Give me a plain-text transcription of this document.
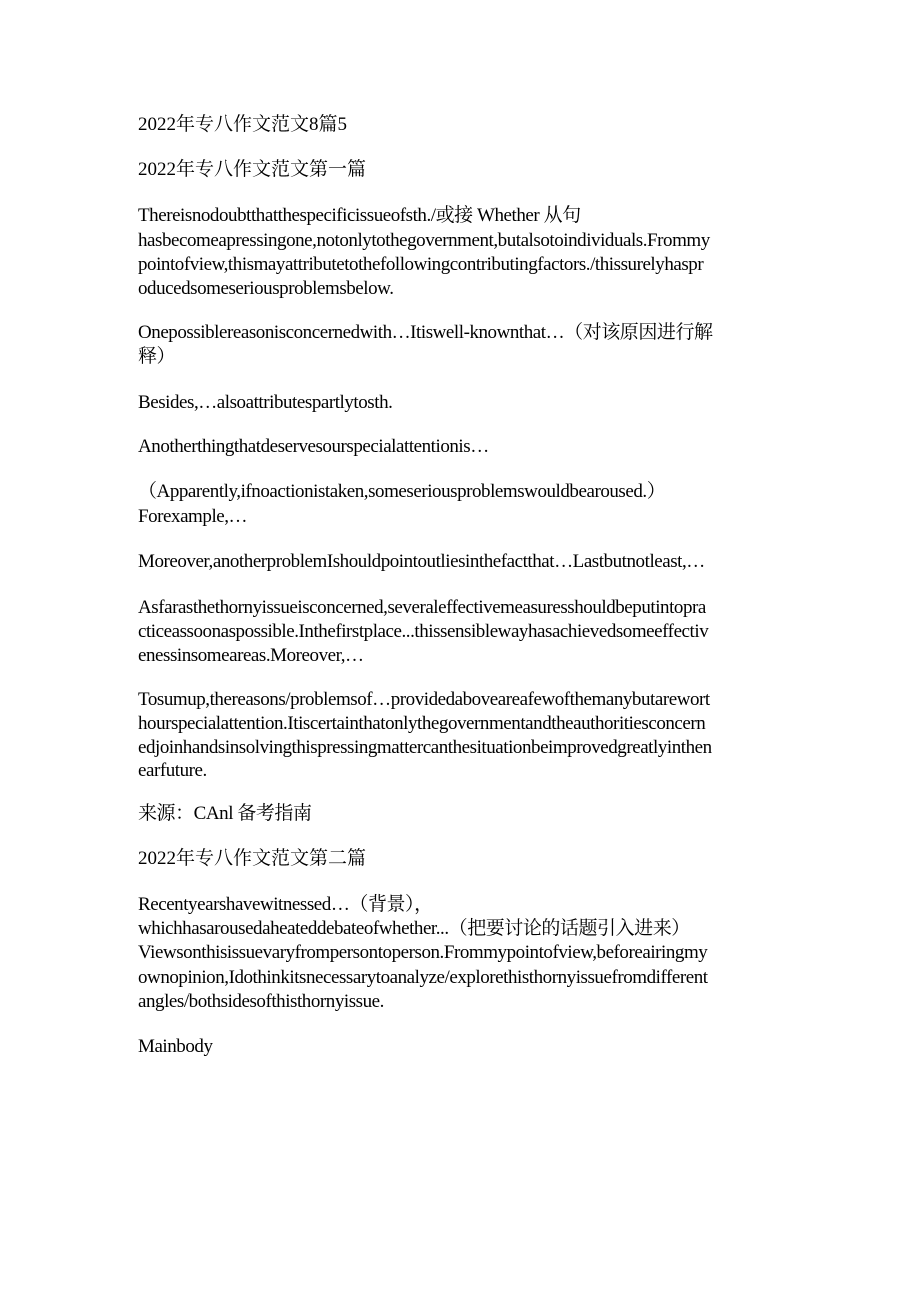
2022年专八作文范文8篇5
2022年专八作文范文第一篇
Thereisnodoubtthatthespecificissueofsth./或接 Whether 从句
hasbecomeapressingone,notonlytothegovernment,butalsotoindividuals.Frommy
pointofview,thismayattributetothefollowingcontributingfactors./thissurelyhaspr
oducedsomeseriousproblemsbelow.
Onepossiblereasonisconcernedwith…Itiswell-knownthat…（对该原因进行解
释）
Besides,…alsoattributespartlytosth.
Anotherthingthatdeservesourspecialattentionis…
（Apparently,ifnoactionistaken,someseriousproblemswouldbearoused.）
Forexample,…
Moreover,anotherproblemIshouldpointoutliesinthefactthat…Lastbutnotleast,…
Asfarasthethornyissueisconcerned,severaleffectivemeasuresshouldbeputintopra
cticeassoonaspossible.Inthefirstplace...thissensiblewayhasachievedsomeeffectiv
enessinsomeareas.Moreover,…
Tosumup,thereasons/problemsof…providedaboveareafewofthemanybutarewort
hourspecialattention.Itiscertainthatonlythegovernmentandtheauthoritiesconcern
edjoinhandsinsolvingthispressingmattercanthesituationbeimprovedgreatlyinthen
earfuture.
来源：CAnl 备考指南
2022年专八作文范文第二篇
Recentyearshavewitnessed…（背景），
whichhasarousedaheateddebateofwhether...（把要讨论的话题引入进来）
Viewsonthisissuevaryfrompersontoperson.Frommypointofview,beforeairingmy
ownopinion,Idothinkitsnecessarytoanalyze/explorethisthornyissuefromdifferent
angles/bothsidesofthisthornyissue.
Mainbody
